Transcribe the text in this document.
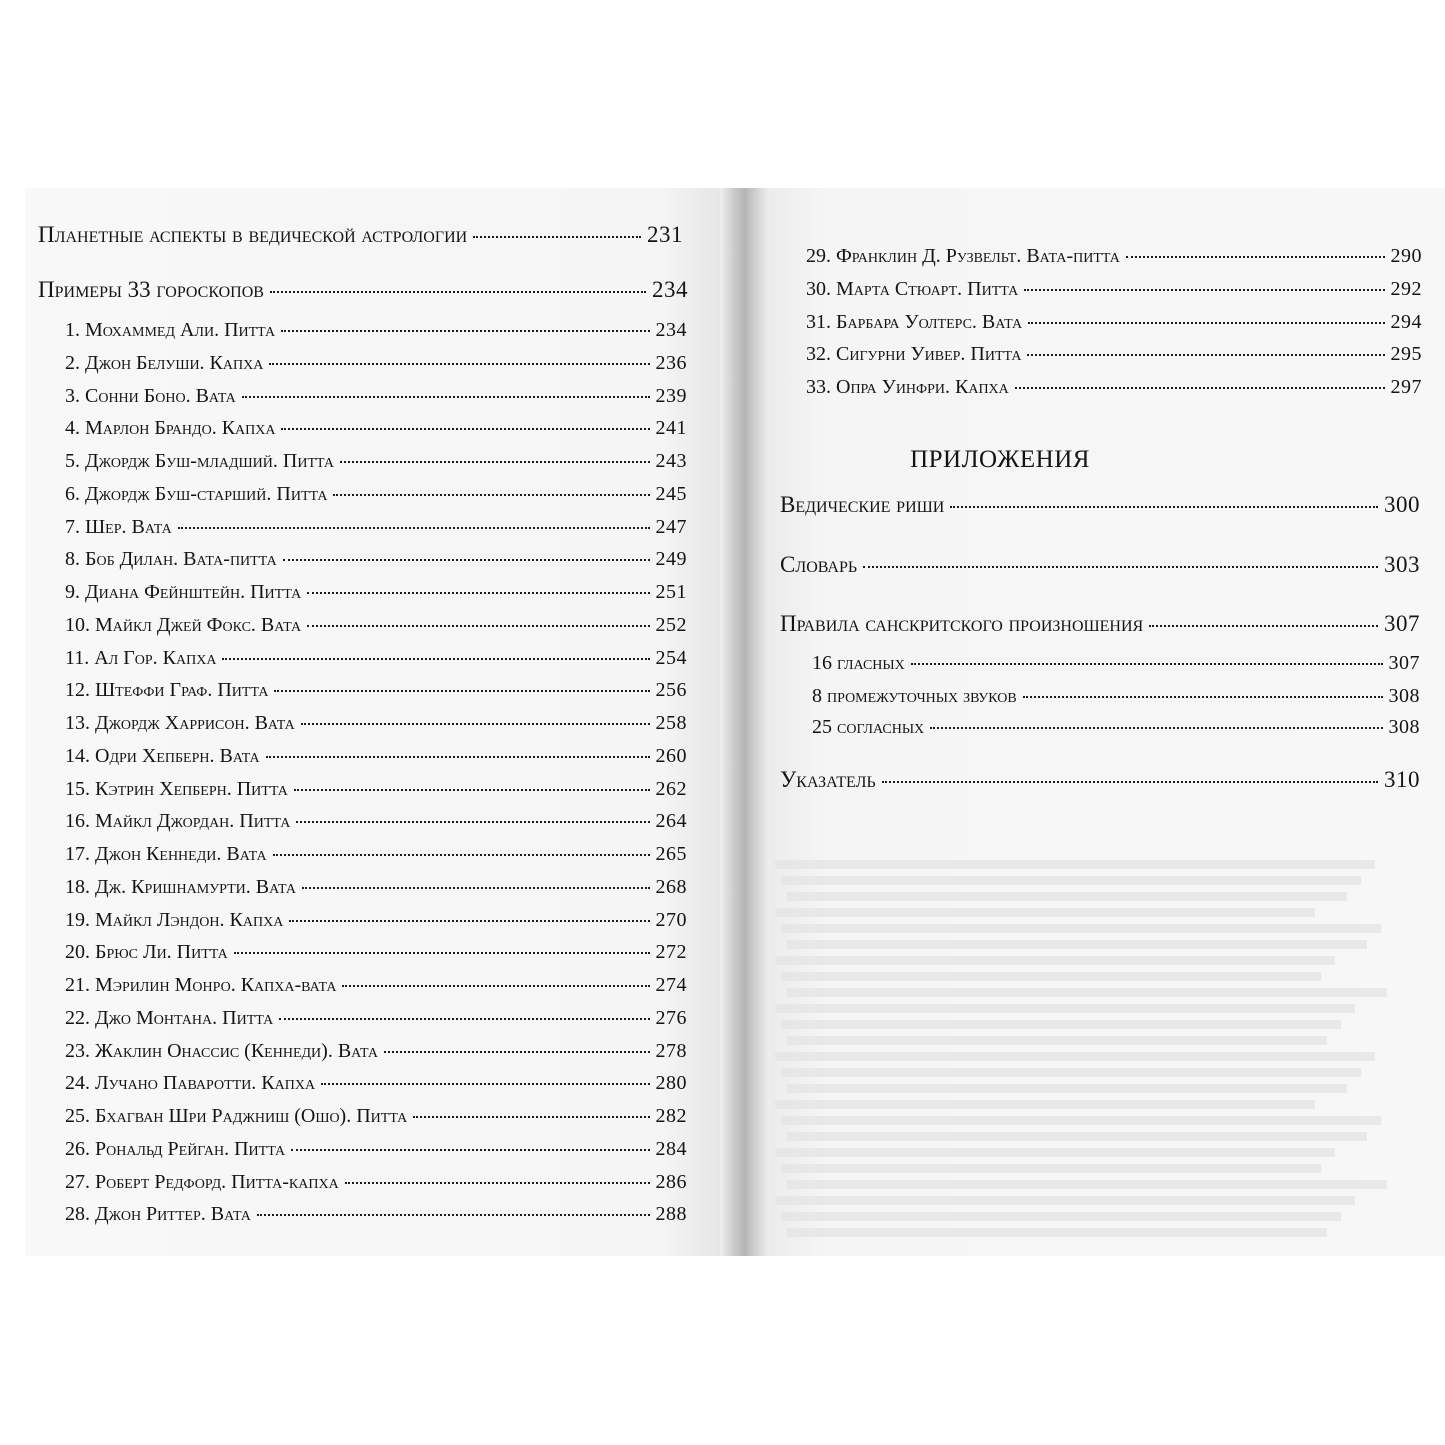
Планетные аспекты в ведической астрологии	231
Примеры 33 гороскопов	234
1. Мохаммед Али. Питта	234
2. Джон Белуши. Капха	236
3. Сонни Боно. Вата	239
4. Марлон Брандо. Капха	241
5. Джордж Буш-младший. Питта	243
6. Джордж Буш-старший. Питта	245
7. Шер. Вата	247
8. Боб Дилан. Вата-питта	249
9. Диана Фейнштейн. Питта	251
10. Майкл Джей Фокс. Вата	252
11. Ал Гор. Капха	254
12. Штеффи Граф. Питта	256
13. Джордж Харрисон. Вата	258
14. Одри Хепберн. Вата	260
15. Кэтрин Хепберн. Питта	262
16. Майкл Джордан. Питта	264
17. Джон Кеннеди. Вата	265
18. Дж. Кришнамурти. Вата	268
19. Майкл Лэндон. Капха	270
20. Брюс Ли. Питта	272
21. Мэрилин Монро. Капха-вата	274
22. Джо Монтана. Питта	276
23. Жаклин Онассис (Кеннеди). Вата	278
24. Лучано Паваротти. Капха	280
25. Бхагван Шри Раджниш (Ошо). Питта	282
26. Рональд Рейган. Питта	284
27. Роберт Редфорд. Питта-капха	286
28. Джон Риттер. Вата	288
29. Франклин Д. Рузвельт. Вата-питта	290
30. Марта Стюарт. Питта	292
31. Барбара Уолтерс. Вата	294
32. Сигурни Уивер. Питта	295
33. Опра Уинфри. Капха	297
ПРИЛОЖЕНИЯ
Ведические риши	300
Словарь	303
Правила санскритского произношения	307
16 гласных	307
8 промежуточных звуков	308
25 согласных	308
Указатель	310
